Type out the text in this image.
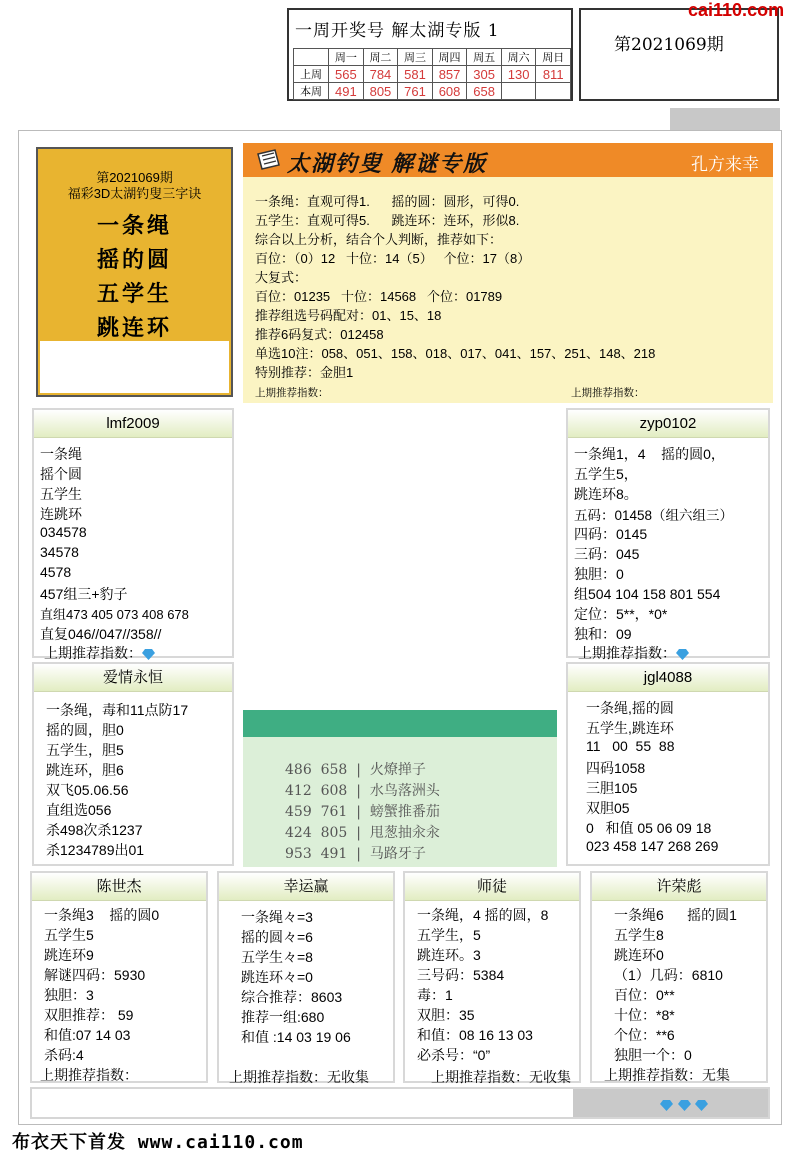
一周开奖号 解太湖专版 1
	周一	周二	周三	周四	周五	周六	周日
上周	565	784	581	857	305	130	811
本周	491	805	761	608	658		
第2021069期
cai110.com
第2021069期
福彩3D太湖钓叟三字诀
一条绳
摇的圆
五学生
跳连环
太湖钓叟 解谜专版	孔方来幸
一条绳：直观可得1.      摇的圆：圆形，可得0.
五学生：直观可得5.      跳连环：连环，形似8.
综合以上分析，结合个人判断，推荐如下：
百位：（0）12   十位：14（5）   个位：17（8）
大复式：
百位：01235   十位：14568   个位：01789
推荐组选号码配对：01、15、18
推荐6码复式：012458
单选10注：058、051、158、018、017、041、157、251、148、218
特别推荐：金胆1
上期推荐指数：	上期推荐指数：
lmf2009
一条绳
摇个圆
五学生
连跳环
034578
34578
4578
457组三+豹子
直组473 405 073 408 678
直复046//047//358//
上期推荐指数：
zyp0102
一条绳1，4    摇的圆0，
五学生5，
跳连环8。
五码：01458（组六组三）
四码：0145
三码：045
独胆：0
组504 104 158 801 554
定位：5**，*0*
独和：09
上期推荐指数：
爱情永恒
一条绳，毒和11点防17
摇的圆，胆0
五学生，胆5
跳连环，胆6
双飞05.06.56
直组选056
杀498次杀1237
杀1234789出01
jgl4088
一条绳,摇的圆
五学生,跳连环
11   00  55  88
四码1058
三胆105
双胆05
0   和值 05 06 09 18
023 458 147 268 269
486  658  |  火燎掸子
412  608  |  水鸟落洲头
459  761  |  螃蟹推番茄
424  805  |  甩葱抽汆汆
953  491  |  马路牙子
陈世杰
一条绳3    摇的圆0
五学生5
跳连环9
解谜四码：5930
独胆：3
双胆推荐： 59
和值:07 14 03
杀码:4
上期推荐指数：
幸运赢
一条绳々=3
摇的圆々=6
五学生々=8
跳连环々=0
综合推荐：8603
推荐一组:680
和值 :14 03 19 06
上期推荐指数：无收集
师徒
一条绳，4 摇的圆，8
五学生，5
跳连环。3
三号码：5384
毒：1
双胆：35
和值：08 16 13 03
必杀号：“0”
上期推荐指数：无收集
许荣彪
一条绳6      摇的圆1
五学生8
跳连环0
（1）几码：6810
百位：0**
十位：*8*
个位：**6
独胆一个：0
上期推荐指数：无集

布衣天下首发 www.cai110.com
